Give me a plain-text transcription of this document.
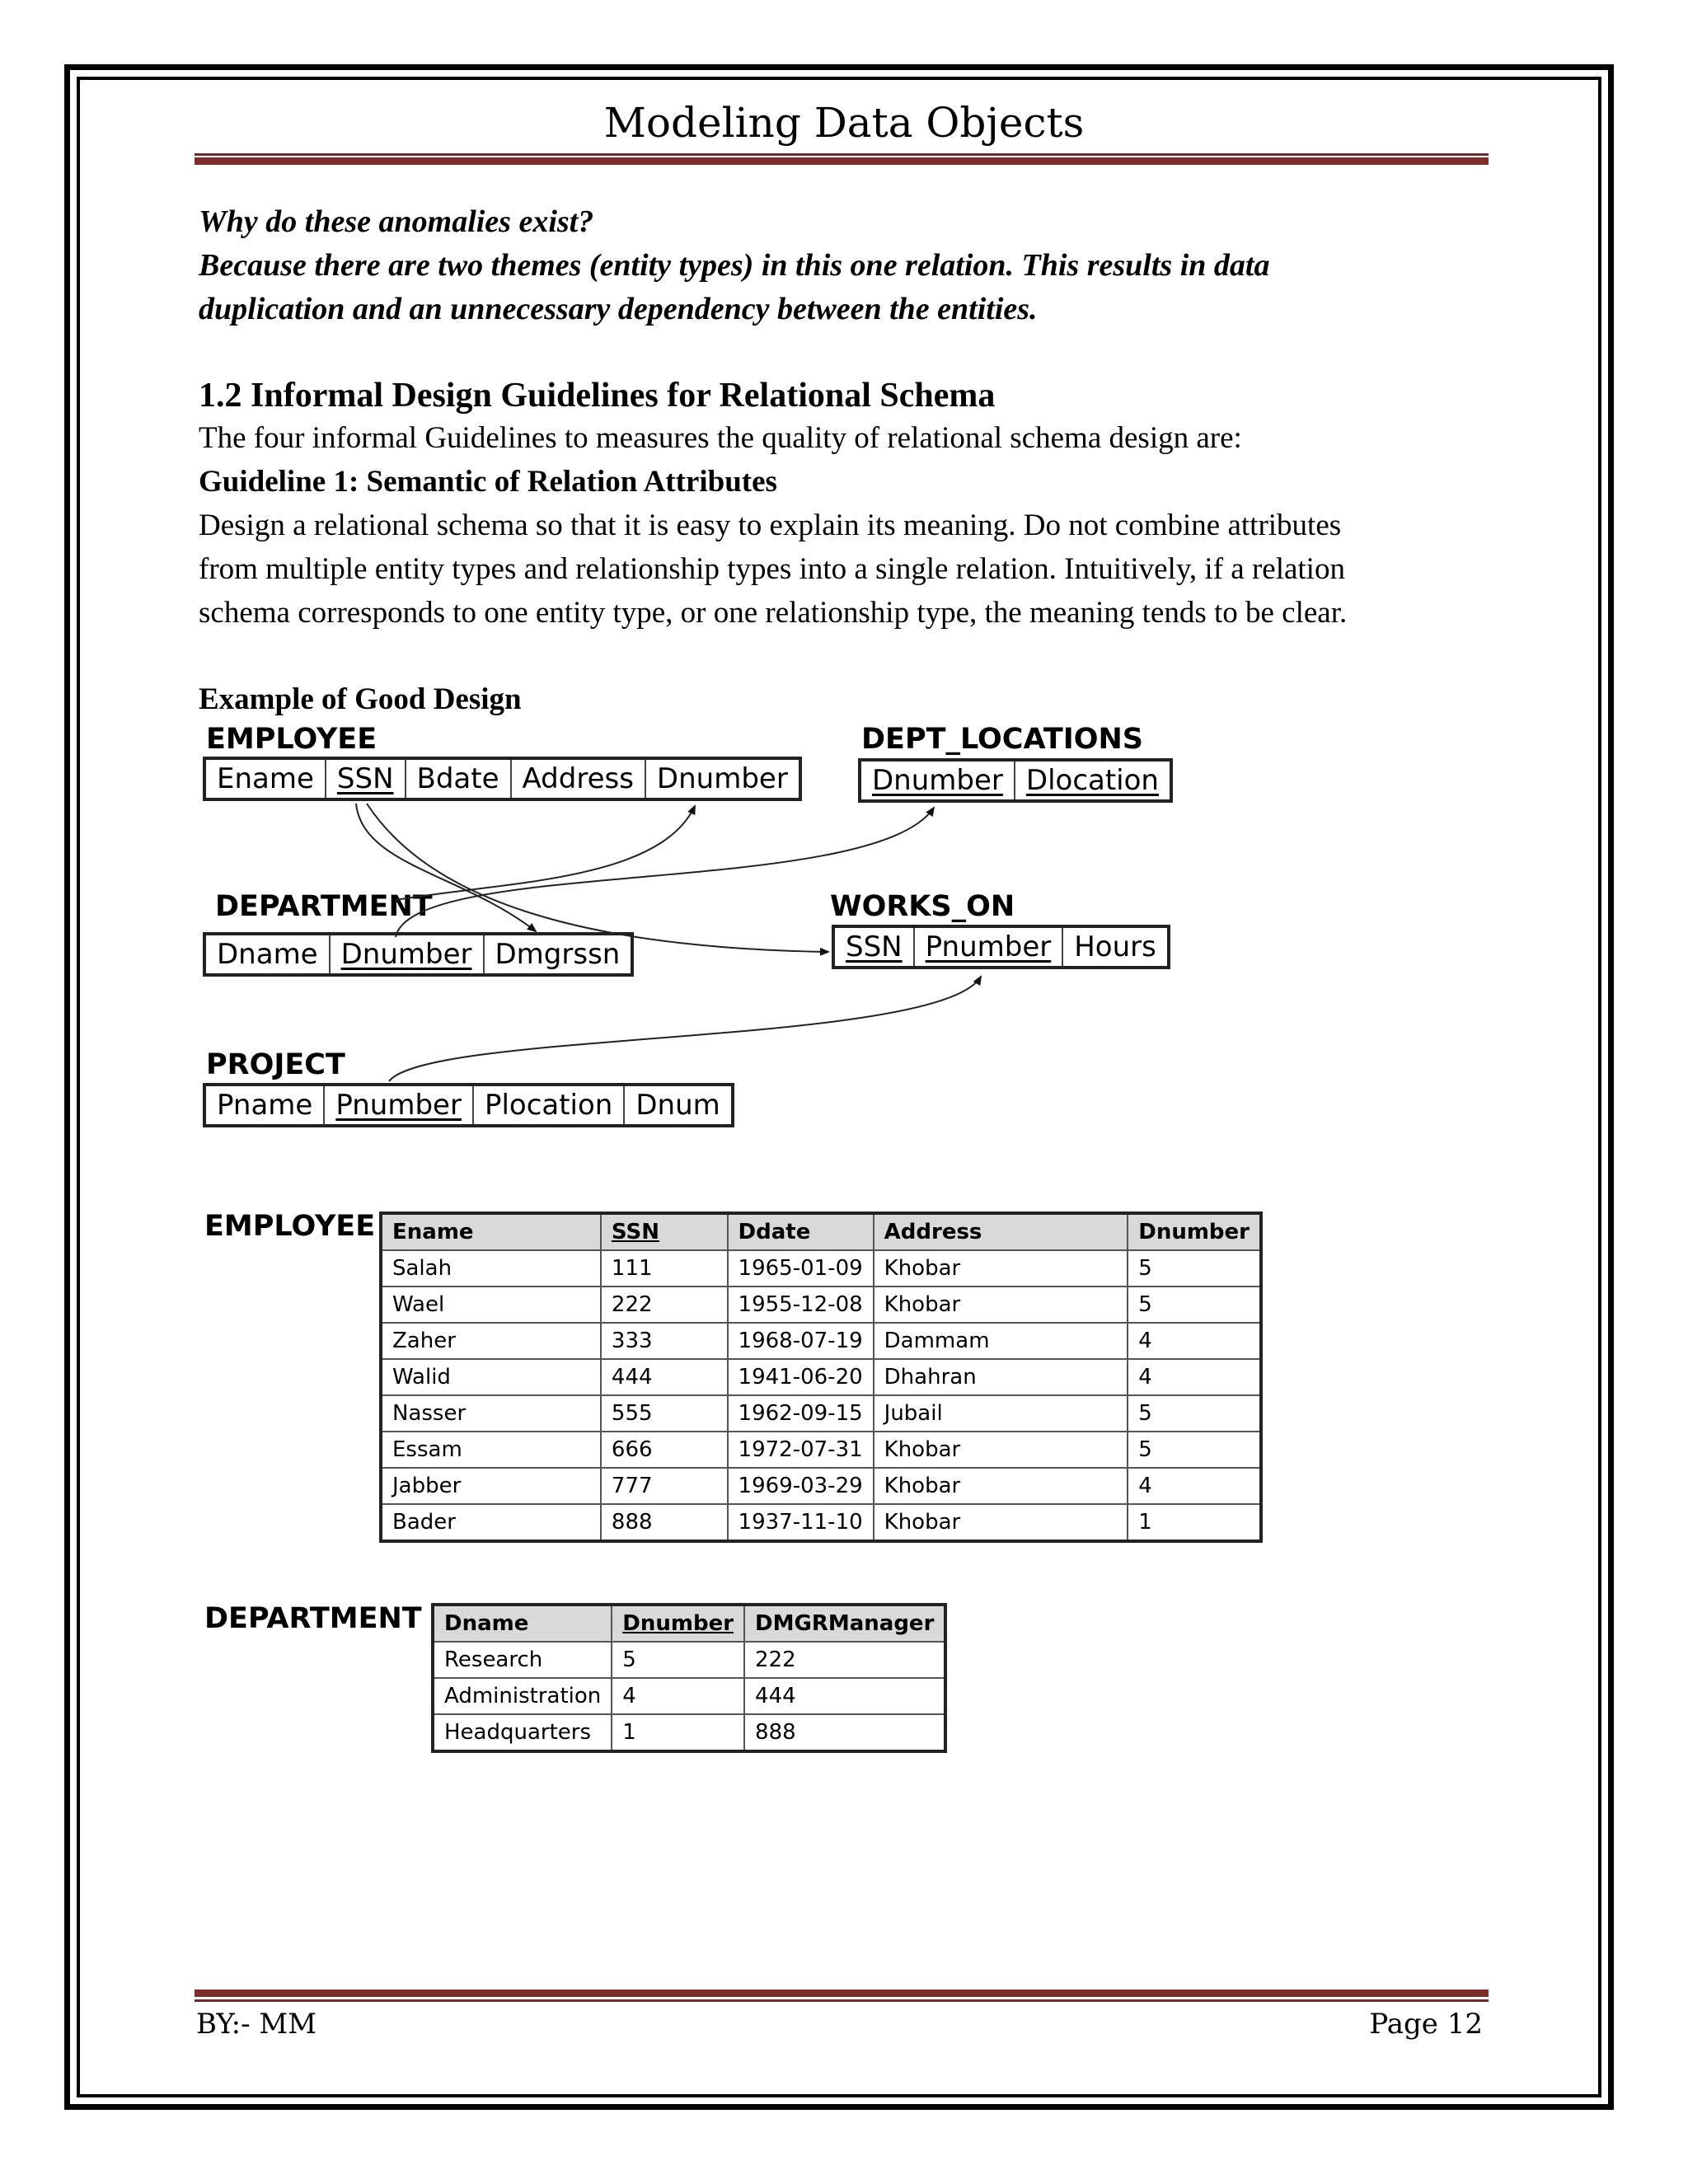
Modeling Data Objects

Why do these anomalies exist?

Because there are two themes (entity types) in this one relation. This results in data

duplication and an unnecessary dependency between the entities.

1.2 Informal Design Guidelines for Relational Schema
The four informal Guidelines to measures the quality of relational schema design are:
Guideline 1: Semantic of Relation Attributes
Design a relational schema so that it is easy to explain its meaning. Do not combine attributes
from multiple entity types and relationship types into a single relation. Intuitively, if a relation
schema corresponds to one entity type, or one relationship type, the meaning tends to be clear.
Example of Good Design
EMPLOYEE
Ename SSN Bdate Address Dnumber
DEPT_LOCATIONS
Dnumber Dlocation
DEPARTMENT
Dname Dnumber Dmgrssn
WORKS_ON
SSN Pnumber Hours
PROJECT
Pname Pnumber Plocation Dnum
EMPLOYEE Ename	SSN	Ddate	Address	Dnumber
Salah	111	1965-01-09	Khobar	5
Wael	222	1955-12-08	Khobar	5
Zaher	333	1968-07-19	Dammam	4
Walid	444	1941-06-20	Dhahran	4
Nasser	555	1962-09-15	Jubail	5
Essam	666	1972-07-31	Khobar	5
Jabber	777	1969-03-29	Khobar	4
Bader	888	1937-11-10	Khobar	1
DEPARTMENT Dname	Dnumber	DMGRManager
Research	5	222
Administration	4	444
Headquarters	1	888
BY:- MM	Page 12
